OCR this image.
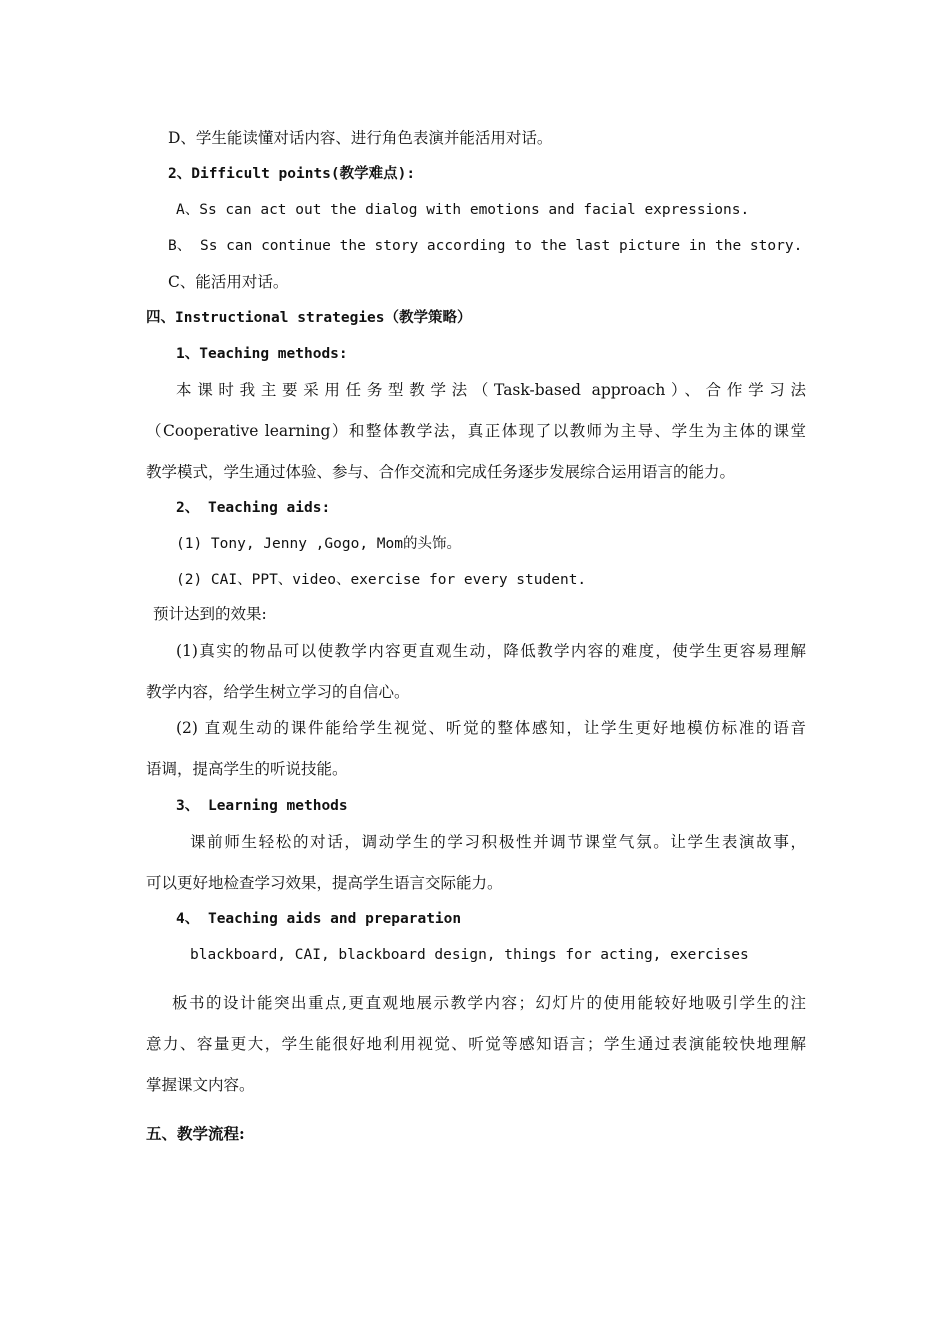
D、学生能读懂对话内容、进行角色表演并能活用对话。
2、Difficult points(教学难点):
A、Ss can act out the dialog with emotions and facial expressions.
B、 Ss can continue the story according to the last picture in the story.
C、能活用对话。
四、Instructional strategies（教学策略）
1、Teaching methods:
本课时我主要采用任务型教学法（Task-based approach）、合作学习法
（Cooperative learning）和整体教学法，真正体现了以教师为主导、学生为主体的课堂
教学模式，学生通过体验、参与、合作交流和完成任务逐步发展综合运用语言的能力。
2、 Teaching aids:
(1) Tony, Jenny ,Gogo, Mom的头饰。
(2) CAI、PPT、video、exercise for every student.
预计达到的效果:
(1)真实的物品可以使教学内容更直观生动，降低教学内容的难度，使学生更容易理解
教学内容，给学生树立学习的自信心。
(2) 直观生动的课件能给学生视觉、听觉的整体感知，让学生更好地模仿标准的语音
语调，提高学生的听说技能。
3、 Learning methods
课前师生轻松的对话，调动学生的学习积极性并调节课堂气氛。让学生表演故事，
可以更好地检查学习效果，提高学生语言交际能力。
4、 Teaching aids and preparation
blackboard, CAI, blackboard design, things for acting, exercises
板书的设计能突出重点,更直观地展示教学内容；幻灯片的使用能较好地吸引学生的注
意力、容量更大，学生能很好地利用视觉、听觉等感知语言；学生通过表演能较快地理解
掌握课文内容。
五、教学流程:
